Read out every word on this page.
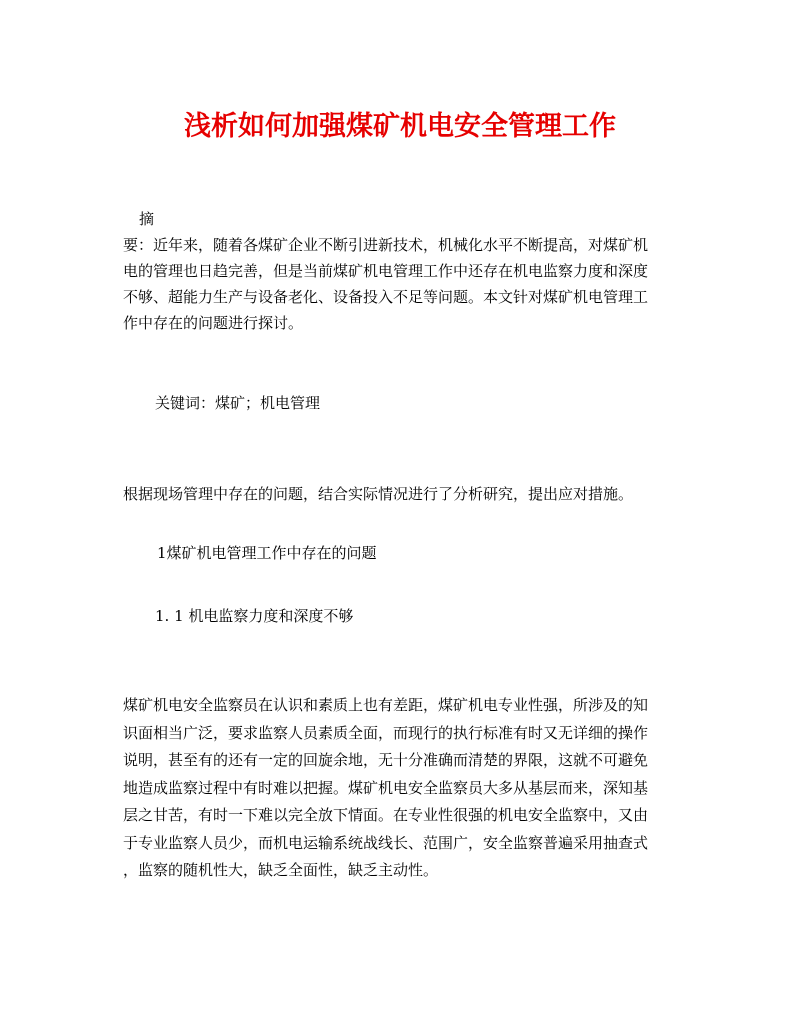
浅析如何加强煤矿机电安全管理工作
摘
要：近年来，随着各煤矿企业不断引进新技术，机械化水平不断提高，对煤矿机
电的管理也日趋完善，但是当前煤矿机电管理工作中还存在机电监察力度和深度
不够、超能力生产与设备老化、设备投入不足等问题。本文针对煤矿机电管理工
作中存在的问题进行探讨。
关键词：煤矿；机电管理
根据现场管理中存在的问题，结合实际情况进行了分析研究，提出应对措施。
1煤矿机电管理工作中存在的问题
1. 1 机电监察力度和深度不够
煤矿机电安全监察员在认识和素质上也有差距，煤矿机电专业性强，所涉及的知
识面相当广泛，要求监察人员素质全面，而现行的执行标准有时又无详细的操作
说明，甚至有的还有一定的回旋余地，无十分准确而清楚的界限，这就不可避免
地造成监察过程中有时难以把握。煤矿机电安全监察员大多从基层而来，深知基
层之甘苦，有时一下难以完全放下情面。在专业性很强的机电安全监察中，又由
于专业监察人员少，而机电运输系统战线长、范围广，安全监察普遍采用抽查式
，监察的随机性大，缺乏全面性，缺乏主动性。
